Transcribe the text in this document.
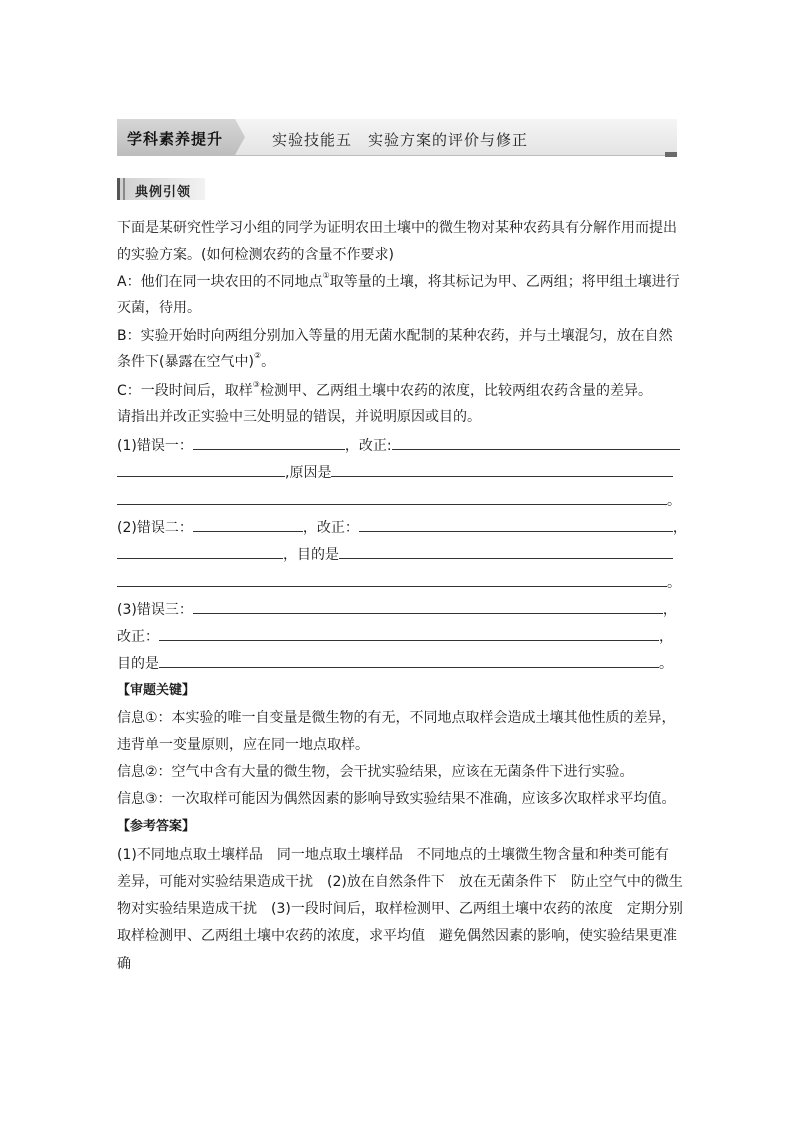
学科素养提升	实验技能五　实验方案的评价与修正
典例引领
下面是某研究性学习小组的同学为证明农田土壤中的微生物对某种农药具有分解作用而提出
的实验方案。(如何检测农药的含量不作要求)
A：他们在同一块农田的不同地点①取等量的土壤，将其标记为甲、乙两组；将甲组土壤进行
灭菌，待用。
B：实验开始时向两组分别加入等量的用无菌水配制的某种农药，并与土壤混匀，放在自然
条件下(暴露在空气中)②。
C：一段时间后，取样③检测甲、乙两组土壤中农药的浓度，比较两组农药含量的差异。
请指出并改正实验中三处明显的错误，并说明原因或目的。
(1)错误一：	，改正:
,原因是
。
(2)错误二：	，改正：	，
，目的是
。
(3)错误三：	，
改正：	，
目的是	。
【审题关键】
信息①：本实验的唯一自变量是微生物的有无，不同地点取样会造成土壤其他性质的差异，
违背单一变量原则，应在同一地点取样。
信息②：空气中含有大量的微生物，会干扰实验结果，应该在无菌条件下进行实验。
信息③：一次取样可能因为偶然因素的影响导致实验结果不准确，应该多次取样求平均值。
【参考答案】
(1)不同地点取土壤样品　同一地点取土壤样品　不同地点的土壤微生物含量和种类可能有
差异，可能对实验结果造成干扰　(2)放在自然条件下　放在无菌条件下　防止空气中的微生
物对实验结果造成干扰　(3)一段时间后，取样检测甲、乙两组土壤中农药的浓度　定期分别
取样检测甲、乙两组土壤中农药的浓度，求平均值　避免偶然因素的影响，使实验结果更准
确
